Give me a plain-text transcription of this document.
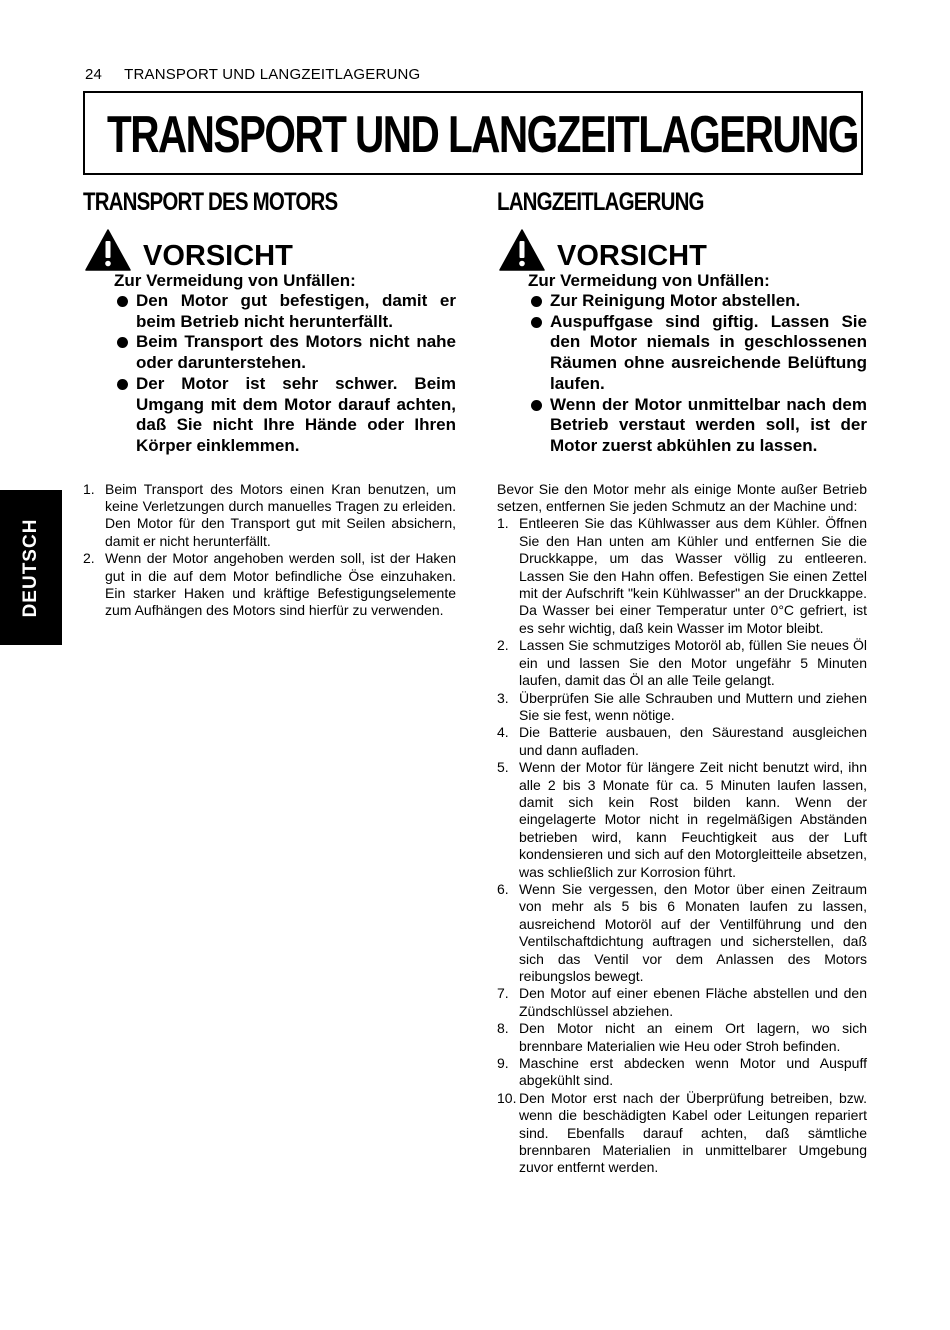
24 TRANSPORT UND LANGZEITLAGERUNG
TRANSPORT UND LANGZEITLAGERUNG
DEUTSCH
TRANSPORT DES MOTORS
VORSICHT
Zur Vermeidung von Unfällen:
Den Motor gut befestigen, damit er beim Betrieb nicht herunterfällt.
Beim Transport des Motors nicht nahe oder darunterstehen.
Der Motor ist sehr schwer. Beim Umgang mit dem Motor darauf achten, daß Sie nicht Ihre Hände oder Ihren Körper einklemmen.
1. Beim Transport des Motors einen Kran benutzen, um keine Verletzungen durch manuelles Tragen zu erleiden. Den Motor für den Transport gut mit Seilen absichern, damit er nicht herunterfällt.
2. Wenn der Motor angehoben werden soll, ist der Haken gut in die auf dem Motor befindliche Öse einzuhaken. Ein starker Haken und kräftige Befestigungselemente zum Aufhängen des Motors sind hierfür zu verwenden.
LANGZEITLAGERUNG
VORSICHT
Zur Vermeidung von Unfällen:
Zur Reinigung Motor abstellen.
Auspuffgase sind giftig. Lassen Sie den Motor niemals in geschlossenen Räumen ohne ausreichende Belüftung laufen.
Wenn der Motor unmittelbar nach dem Betrieb verstaut werden soll, ist der Motor zuerst abkühlen zu lassen.

Bevor Sie den Motor mehr als einige Monte außer Betrieb setzen, entfernen Sie jeden Schmutz an der Machine und:

1. Entleeren Sie das Kühlwasser aus dem Kühler. Öffnen Sie den Han unten am Kühler und entfernen Sie die Druckkappe, um das Wasser völlig zu entleeren. Lassen Sie den Hahn offen. Befestigen Sie einen Zettel mit der Aufschrift "kein Kühlwasser" an der Druckkappe. Da Wasser bei einer Temperatur unter 0°C gefriert, ist es sehr wichtig, daß kein Wasser im Motor bleibt.
2. Lassen Sie schmutziges Motoröl ab, füllen Sie neues Öl ein und lassen Sie den Motor ungefähr 5 Minuten laufen, damit das Öl an alle Teile gelangt.
3. Überprüfen Sie alle Schrauben und Muttern und ziehen Sie sie fest, wenn nötige.
4. Die Batterie ausbauen, den Säurestand ausgleichen und dann aufladen.
5. Wenn der Motor für längere Zeit nicht benutzt wird, ihn alle 2 bis 3 Monate für ca. 5 Minuten laufen lassen, damit sich kein Rost bilden kann. Wenn der eingelagerte Motor nicht in regelmäßigen Abständen betrieben wird, kann Feuchtigkeit aus der Luft kondensieren und sich auf den Motorgleitteile absetzen, was schließlich zur Korrosion führt.
6. Wenn Sie vergessen, den Motor über einen Zeitraum von mehr als 5 bis 6 Monaten laufen zu lassen, ausreichend Motoröl auf der Ventilführung und den Ventilschaftdichtung auftragen und sicherstellen, daß sich das Ventil vor dem Anlassen des Motors reibungslos bewegt.
7. Den Motor auf einer ebenen Fläche abstellen und den Zündschlüssel abziehen.
8. Den Motor nicht an einem Ort lagern, wo sich brennbare Materialien wie Heu oder Stroh befinden.
9. Maschine erst abdecken wenn Motor und Auspuff abgekühlt sind.
10. Den Motor erst nach der Überprüfung betreiben, bzw. wenn die beschädigten Kabel oder Leitungen repariert sind. Ebenfalls darauf achten, daß sämtliche brennbaren Materialien in unmittelbarer Umgebung zuvor entfernt werden.
